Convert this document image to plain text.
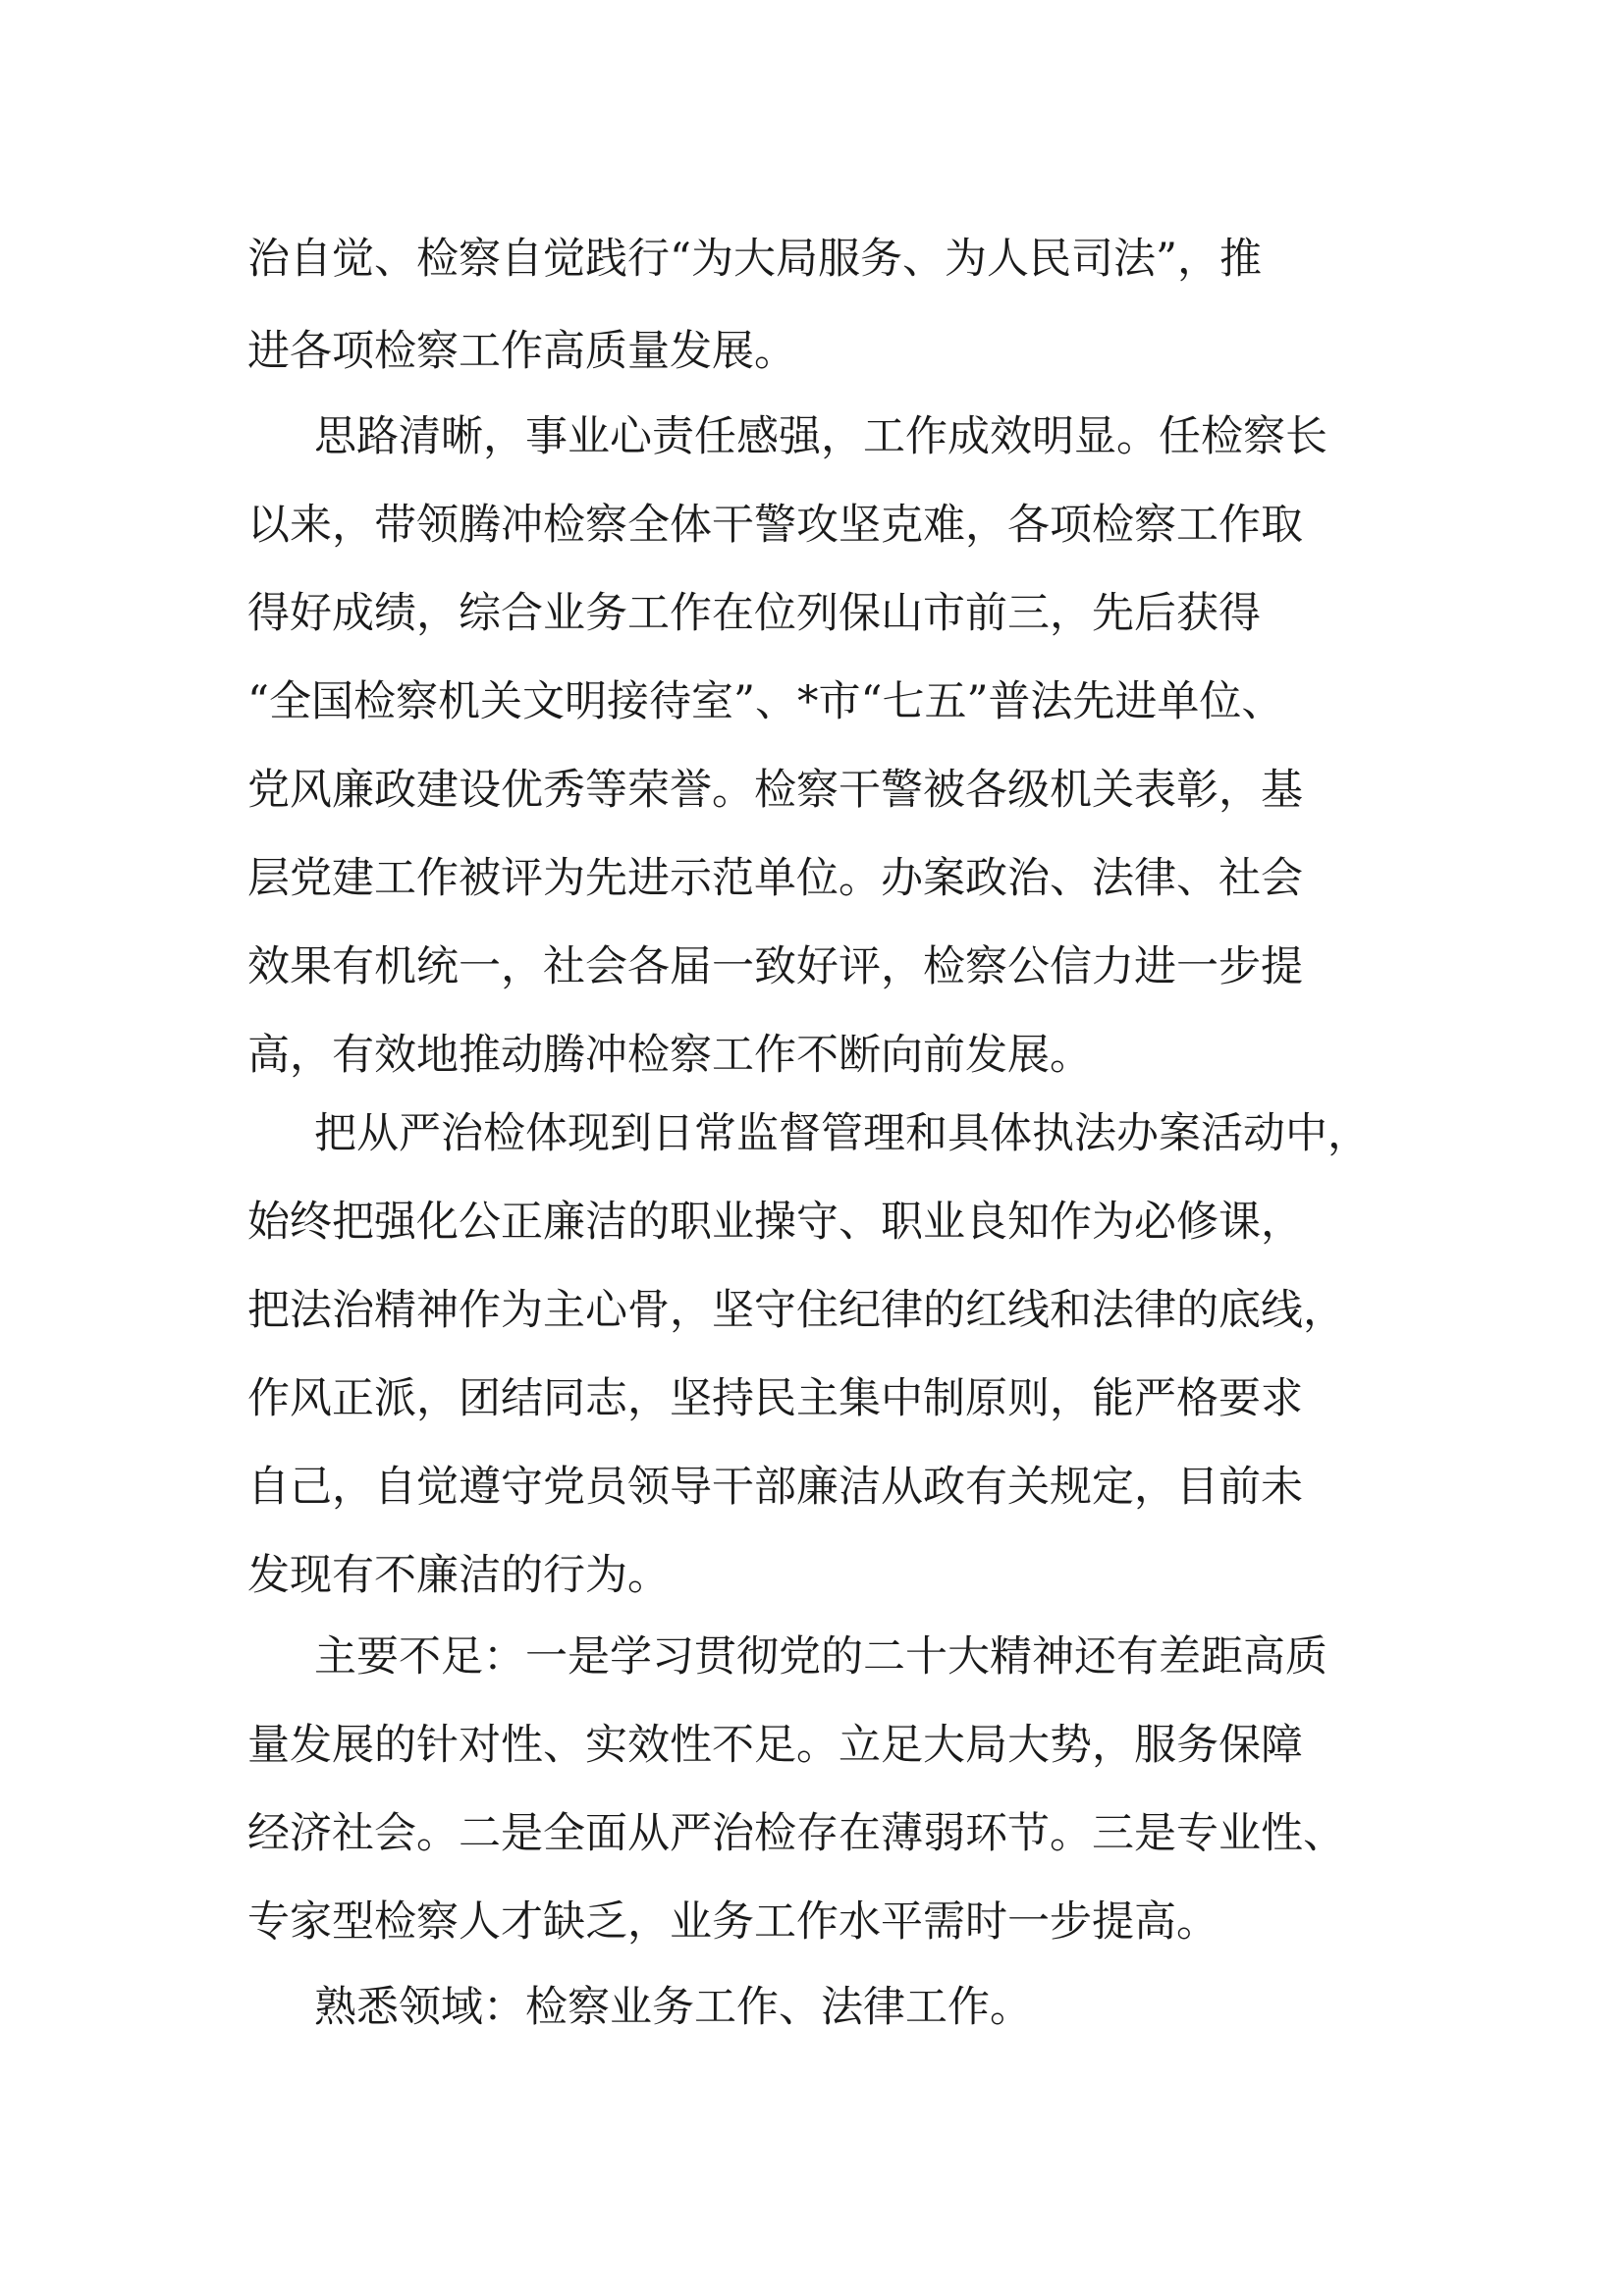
治自觉、检察自觉践行“为大局服务、为人民司法”，推
进各项检察工作高质量发展。
思路清晰，事业心责任感强，工作成效明显。任检察长
以来，带领腾冲检察全体干警攻坚克难，各项检察工作取
得好成绩，综合业务工作在位列保山市前三，先后获得
“全国检察机关文明接待室”、*市“七五”普法先进单位、
党风廉政建设优秀等荣誉。检察干警被各级机关表彰，基
层党建工作被评为先进示范单位。办案政治、法律、社会
效果有机统一，社会各届一致好评，检察公信力进一步提
高，有效地推动腾冲检察工作不断向前发展。
把从严治检体现到日常监督管理和具体执法办案活动中，
始终把强化公正廉洁的职业操守、职业良知作为必修课，
把法治精神作为主心骨，坚守住纪律的红线和法律的底线，
作风正派，团结同志，坚持民主集中制原则，能严格要求
自己，自觉遵守党员领导干部廉洁从政有关规定，目前未
发现有不廉洁的行为。
主要不足：一是学习贯彻党的二十大精神还有差距高质
量发展的针对性、实效性不足。立足大局大势，服务保障
经济社会。二是全面从严治检存在薄弱环节。三是专业性、
专家型检察人才缺乏，业务工作水平需时一步提高。
熟悉领域：检察业务工作、法律工作。
